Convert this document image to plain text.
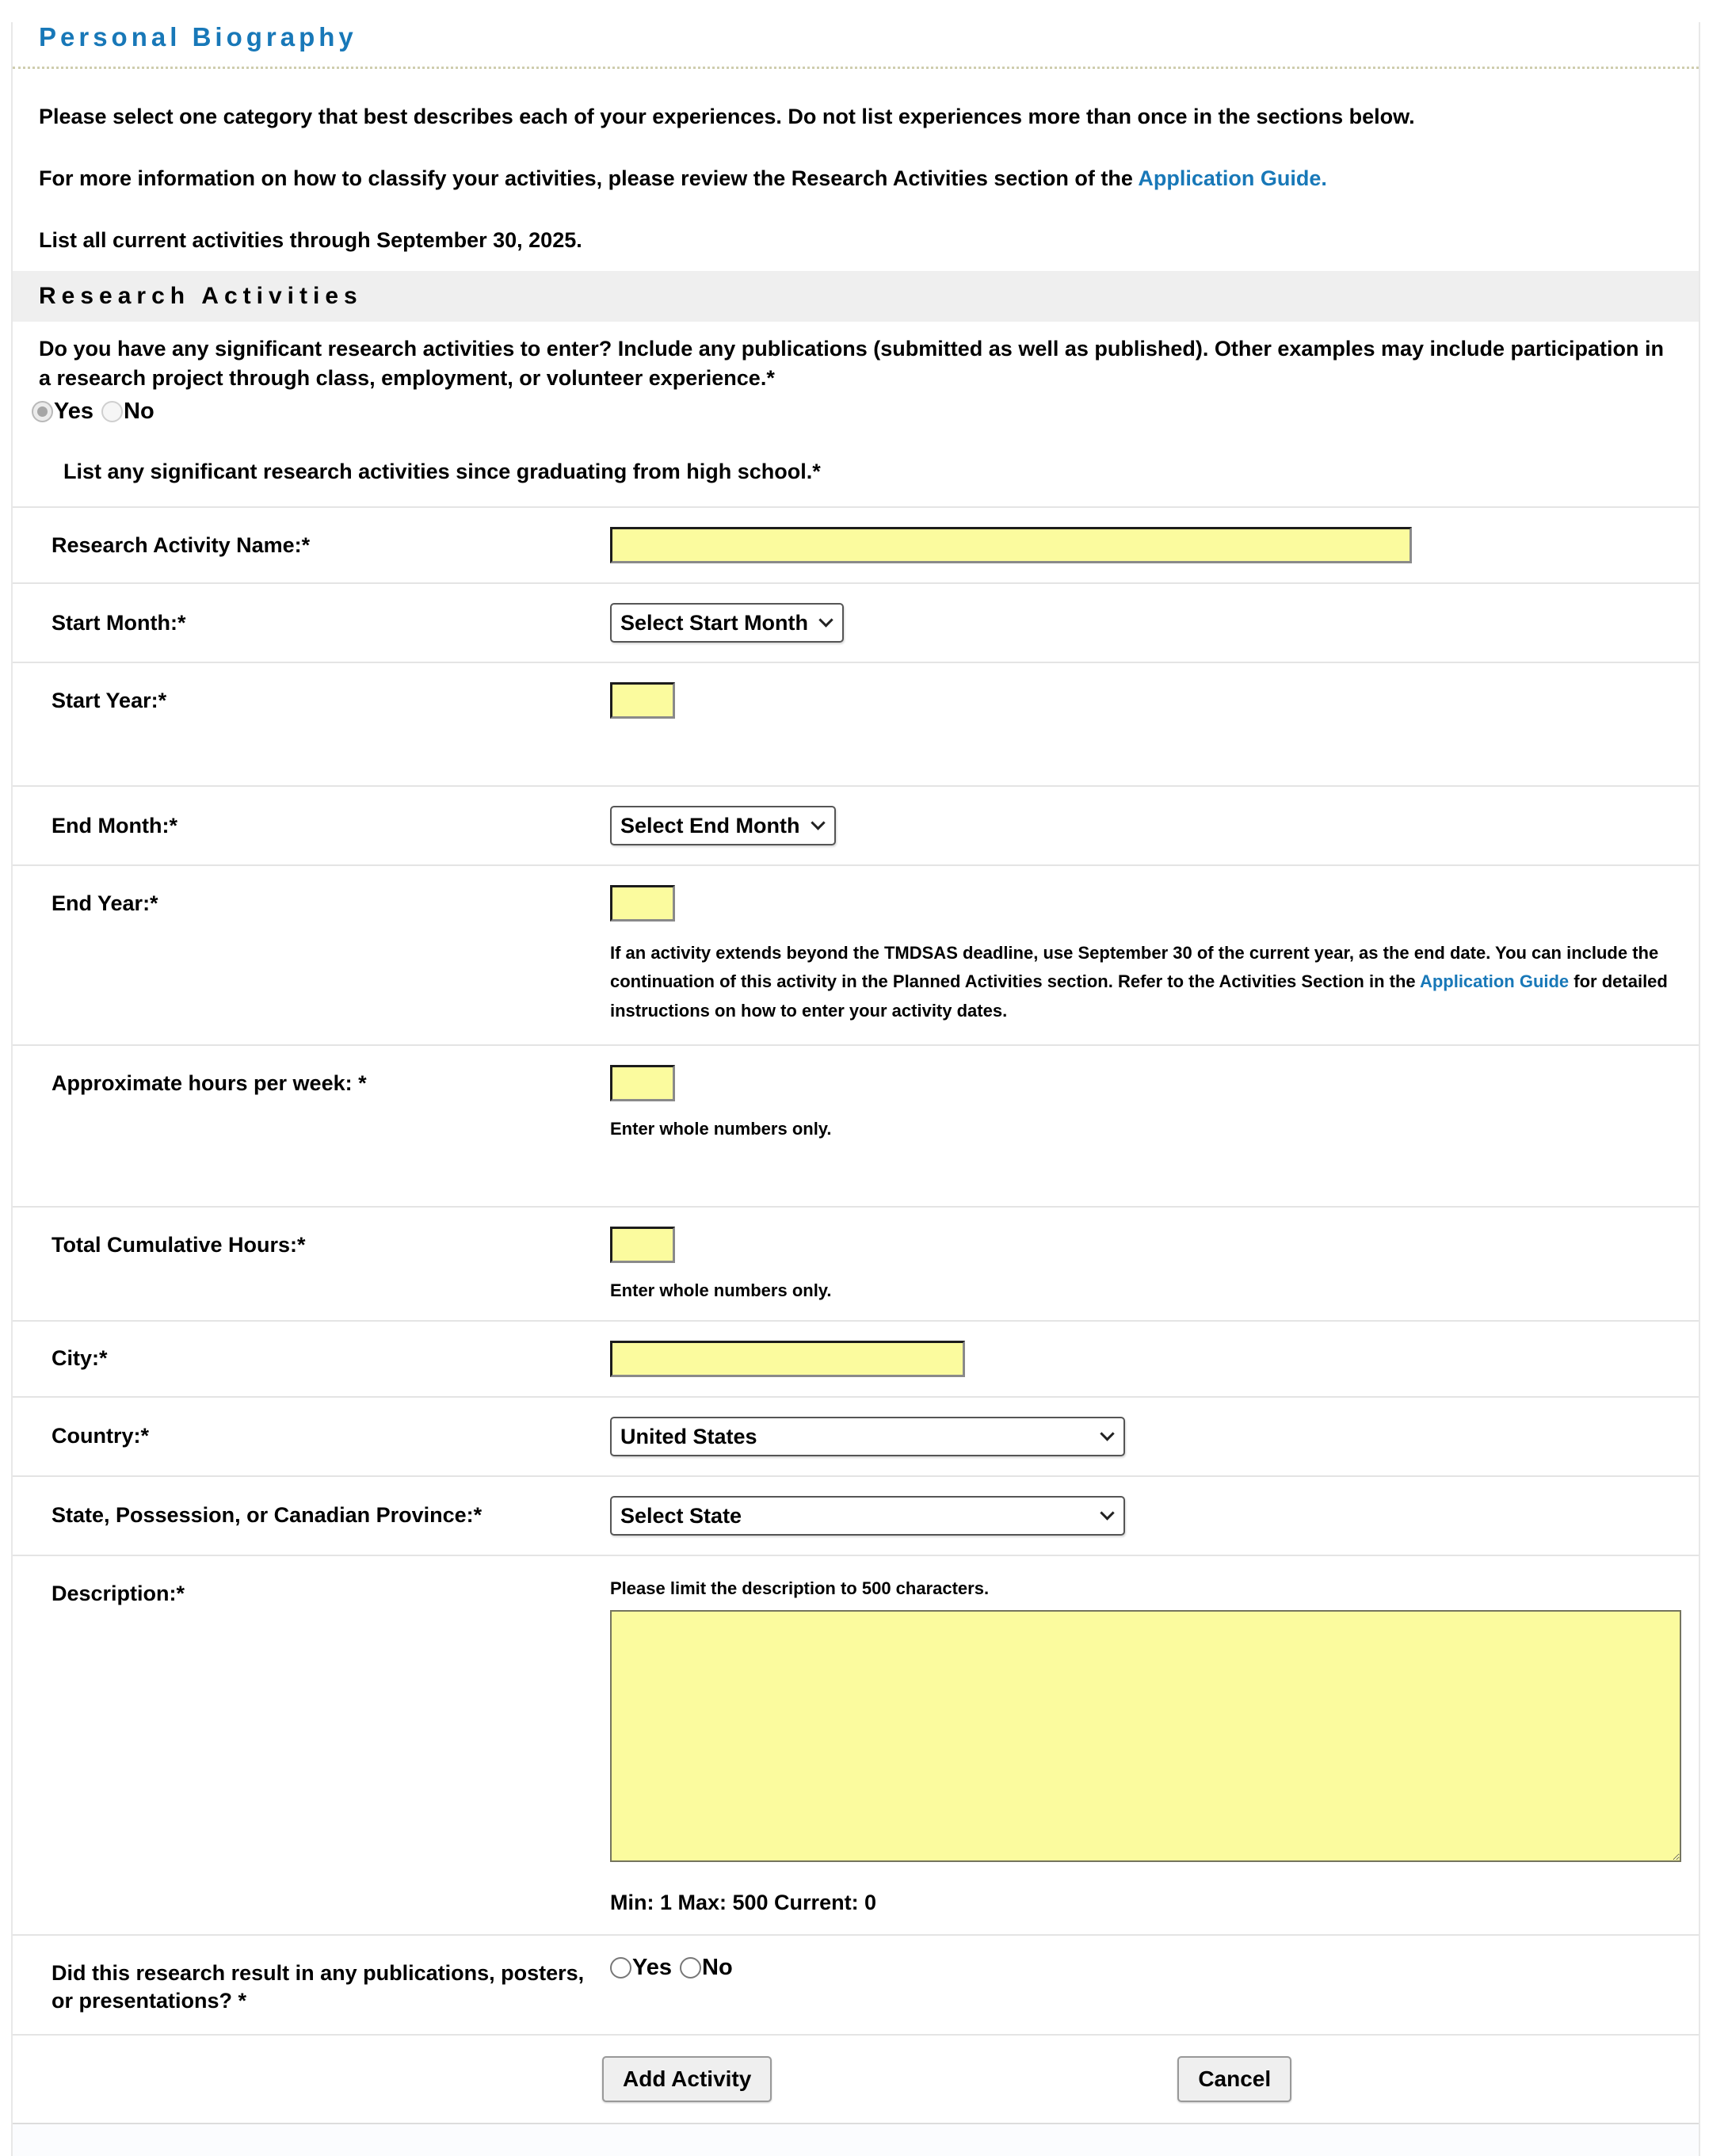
Personal Biography

Please select one category that best describes each of your experiences. Do not list experiences more than once in the sections below.

For more information on how to classify your activities, please review the Research Activities section of the Application Guide.

List all current activities through September 30, 2025.

Research Activities

Do you have any significant research activities to enter? Include any publications (submitted as well as published). Other examples may include participation in a research project through class, employment, or volunteer experience.*

Yes No

List any significant research activities since graduating from high school.*

Research Activity Name:*
Start Month:*	Select Start Month
Start Year:*
End Month:*	Select End Month
End Year:*

If an activity extends beyond the TMDSAS deadline, use September 30 of the current year, as the end date. You can include the continuation of this activity in the Planned Activities section. Refer to the Activities Section in the Application Guide for detailed instructions on how to enter your activity dates.

Approximate hours per week: *

Enter whole numbers only.

Total Cumulative Hours:*

Enter whole numbers only.

City:*
Country:*	United States
State, Possession, or Canadian Province:*	Select State
Description:*	Please limit the description to 500 characters.

Min: 1 Max: 500 Current: 0

Did this research result in any publications, posters, or presentations? *
Yes No
Add Activity	Cancel
